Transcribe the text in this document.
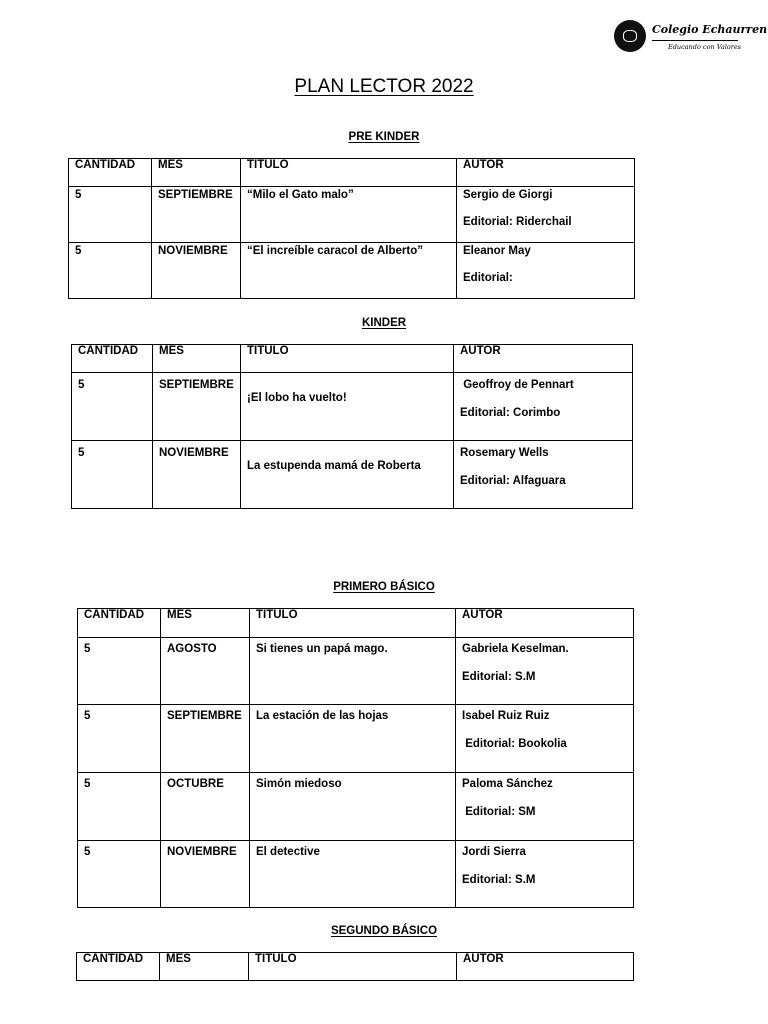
Colegio Echaurren
Educando con Valores
PLAN LECTOR 2022
PRE KINDER
CANTIDAD	MES	TITULO	AUTOR
5	SEPTIEMBRE	“Milo el Gato malo”	Sergio de Giorgi
Editorial: Riderchail

5	NOVIEMBRE	“El increíble caracol de Alberto”	Eleanor May
Editorial:
KINDER
CANTIDAD	MES	TITULO	AUTOR
5	SEPTIEMBRE	¡El lobo ha vuelto!	Geoffroy de Pennart
Editorial: Corimbo

5	NOVIEMBRE	La estupenda mamá de Roberta	Rosemary Wells
Editorial: Alfaguara
PRIMERO BÁSICO
CANTIDAD	MES	TITULO	AUTOR
5	AGOSTO	Si tienes un papá mago.	Gabriela Keselman.
Editorial: S.M

5	SEPTIEMBRE	La estación de las hojas	Isabel Ruiz Ruiz
Editorial: Bookolia

5	OCTUBRE	Simón miedoso	Paloma Sánchez
Editorial: SM

5	NOVIEMBRE	El detective	Jordi Sierra
Editorial: S.M
SEGUNDO BÁSICO
CANTIDAD	MES	TITULO	AUTOR
